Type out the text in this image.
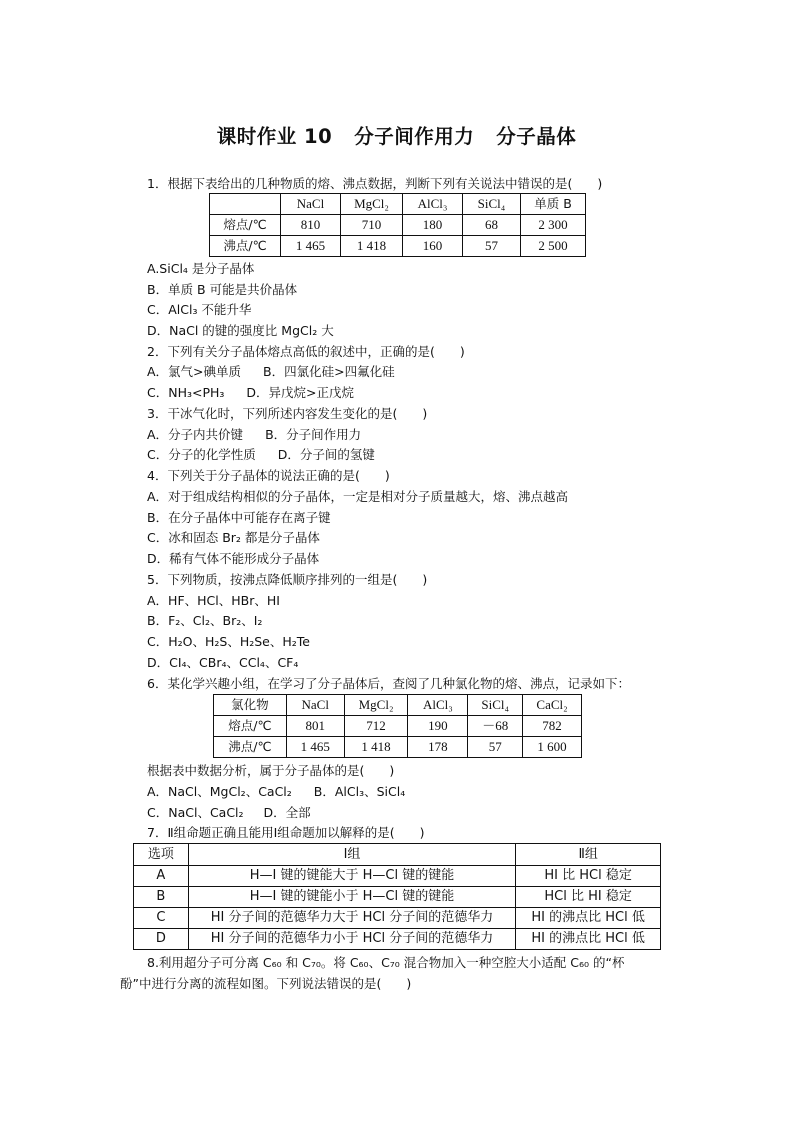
课时作业 10 分子间作用力 分子晶体
1．根据下表给出的几种物质的熔、沸点数据，判断下列有关说法中错误的是(　　)
	NaCl	MgCl₂	AlCl₃	SiCl₄	单质 B
熔点/℃	810	710	180	68	2 300
沸点/℃	1 465	1 418	160	57	2 500
A.SiCl₄ 是分子晶体
B．单质 B 可能是共价晶体
C．AlCl₃ 不能升华
D．NaCl 的键的强度比 MgCl₂ 大
2．下列有关分子晶体熔点高低的叙述中，正确的是(　　)
A．氯气>碘单质 B．四氯化硅>四氟化硅
C．NH₃<PH₃ D．异戊烷>正戊烷
3．干冰气化时，下列所述内容发生变化的是(　　)
A．分子内共价键 B．分子间作用力
C．分子的化学性质 D．分子间的氢键
4．下列关于分子晶体的说法正确的是(　　)
A．对于组成结构相似的分子晶体，一定是相对分子质量越大，熔、沸点越高
B．在分子晶体中可能存在离子键
C．冰和固态 Br₂ 都是分子晶体
D．稀有气体不能形成分子晶体
5．下列物质，按沸点降低顺序排列的一组是(　　)
A．HF、HCl、HBr、HI
B．F₂、Cl₂、Br₂、I₂
C．H₂O、H₂S、H₂Se、H₂Te
D．CI₄、CBr₄、CCl₄、CF₄
6．某化学兴趣小组，在学习了分子晶体后，查阅了几种氯化物的熔、沸点，记录如下：
氯化物	NaCl	MgCl₂	AlCl₃	SiCl₄	CaCl₂
熔点/℃	801	712	190	－68	782
沸点/℃	1 465	1 418	178	57	1 600
根据表中数据分析，属于分子晶体的是(　　)
A．NaCl、MgCl₂、CaCl₂ B．AlCl₃、SiCl₄
C．NaCl、CaCl₂ D．全部
7．Ⅱ组命题正确且能用Ⅰ组命题加以解释的是(　　)
选项	Ⅰ组	Ⅱ组
A	H—I 键的键能大于 H—Cl 键的键能	HI 比 HCl 稳定
B	H—I 键的键能小于 H—Cl 键的键能	HCl 比 HI 稳定
C	HI 分子间的范德华力大于 HCl 分子间的范德华力	HI 的沸点比 HCl 低
D	HI 分子间的范德华力小于 HCl 分子间的范德华力	HI 的沸点比 HCl 低
8.利用超分子可分离 C₆₀ 和 C₇₀。将 C₆₀、C₇₀ 混合物加入一种空腔大小适配 C₆₀ 的“杯
酚”中进行分离的流程如图。下列说法错误的是(　　)
